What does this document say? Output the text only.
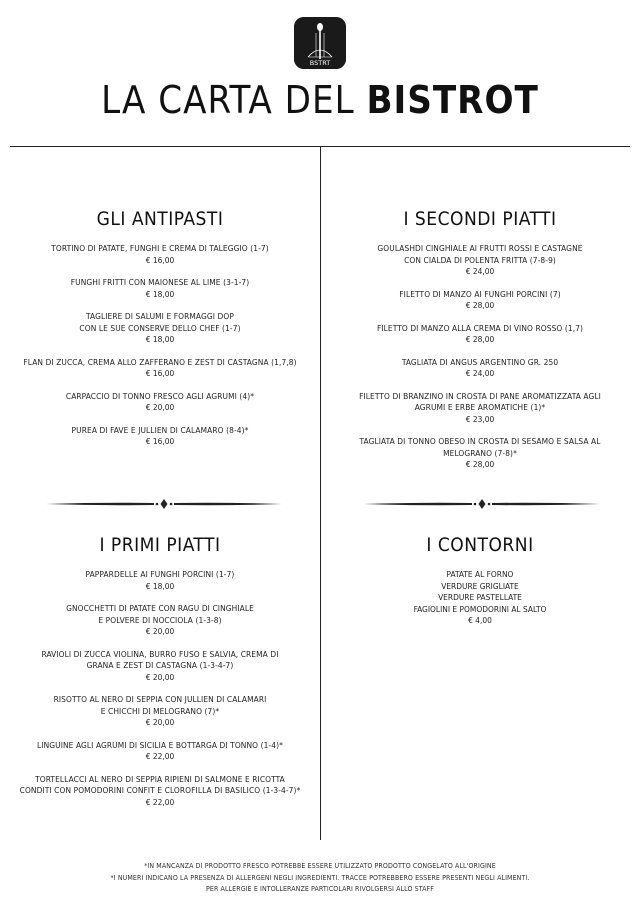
BSTRT
LA CARTA DEL BISTROT
GLI ANTIPASTI
TORTINO DI PATATE, FUNGHI E CREMA DI TALEGGIO (1-7)
€ 16,00
FUNGHI FRITTI CON MAIONESE AL LIME (3-1-7)
€ 18,00
TAGLIERE DI SALUMI E FORMAGGI DOP
CON LE SUE CONSERVE DELLO CHEF (1-7)
€ 18,00
FLAN DI ZUCCA, CREMA ALLO ZAFFERANO E ZEST DI CASTAGNA (1,7,8)
€ 16,00
CARPACCIO DI TONNO FRESCO AGLI AGRUMI (4)*
€ 20,00
PUREA DI FAVE E JULLIEN DI CALAMARO (8-4)*
€ 16,00
I SECONDI PIATTI
GOULASHDI CINGHIALE AI FRUTTI ROSSI E CASTAGNE
CON CIALDA DI POLENTA FRITTA (7-8-9)
€ 24,00
FILETTO DI MANZO AI FUNGHI PORCINI (7)
€ 28,00
FILETTO DI MANZO ALLA CREMA DI VINO ROSSO (1,7)
€ 28,00
TAGLIATA DI ANGUS ARGENTINO GR. 250
€ 24,00
FILETTO DI BRANZINO IN CROSTA DI PANE AROMATIZZATA AGLI
AGRUMI E ERBE AROMATICHE (1)*
€ 23,00
TAGLIATA DI TONNO OBESO IN CROSTA DI SESAMO E SALSA AL
MELOGRANO (7-8)*
€ 28,00
I PRIMI PIATTI
PAPPARDELLE AI FUNGHI PORCINI (1-7)
€ 18,00
GNOCCHETTI DI PATATE CON RAGU DI CINGHIALE
E POLVERE DI NOCCIOLA (1-3-8)
€ 20,00
RAVIOLI DI ZUCCA VIOLINA, BURRO FUSO E SALVIA, CREMA DI
GRANA E ZEST DI CASTAGNA (1-3-4-7)
€ 20,00
RISOTTO AL NERO DI SEPPIA CON JULLIEN DI CALAMARI
E CHICCHI DI MELOGRANO (7)*
€ 20,00
LINGUINE AGLI AGRUMI DI SICILIA E BOTTARGA DI TONNO (1-4)*
€ 22,00
TORTELLACCI AL NERO DI SEPPIA RIPIENI DI SALMONE E RICOTTA
CONDITI CON POMODORINI CONFIT E CLOROFILLA DI BASILICO (1-3-4-7)*
€ 22,00
I CONTORNI
PATATE AL FORNO
VERDURE GRIGLIATE
VERDURE PASTELLATE
FAGIOLINI E POMODORINI AL SALTO
€ 4,00
*IN MANCANZA DI PRODOTTO FRESCO POTREBBE ESSERE UTILIZZATO PRODOTTO CONGELATO ALL'ORIGINE
*I NUMERI INDICANO LA PRESENZA DI ALLERGENI NEGLI INGREDIENTI. TRACCE POTREBBERO ESSERE PRESENTI NEGLI ALIMENTI.
PER ALLERGIE E INTOLLERANZE PARTICOLARI RIVOLGERSI ALLO STAFF
